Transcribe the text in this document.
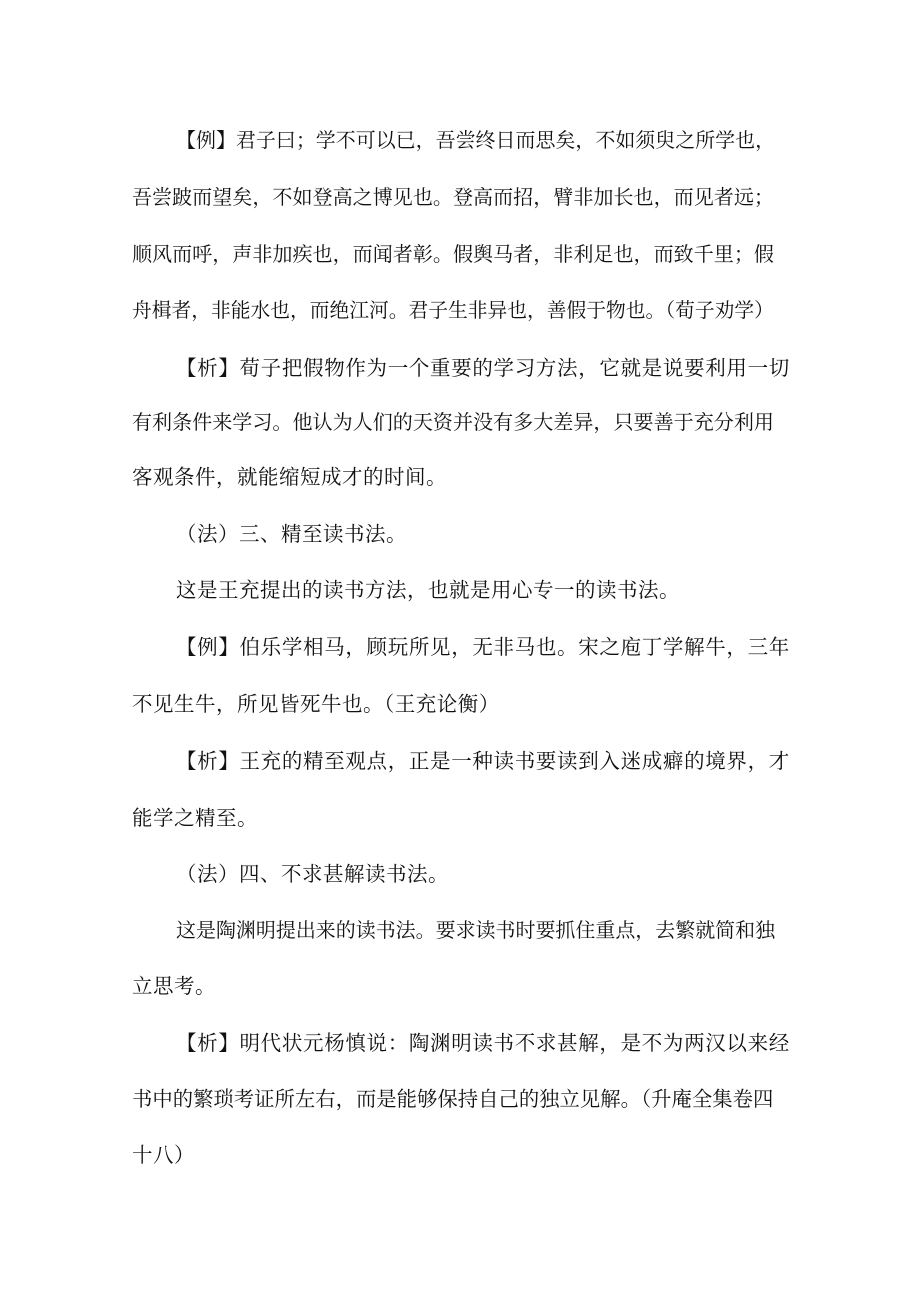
【例】君子曰；学不可以已，吾尝终日而思矣，不如须臾之所学也，
吾尝跛而望矣，不如登高之博见也。登高而招，臂非加长也，而见者远；
顺风而呼，声非加疾也，而闻者彰。假舆马者，非利足也，而致千里；假
舟楫者，非能水也，而绝江河。君子生非异也，善假于物也。（荀子劝学）
【析】荀子把假物作为一个重要的学习方法，它就是说要利用一切
有利条件来学习。他认为人们的天资并没有多大差异，只要善于充分利用
客观条件，就能缩短成才的时间。
（法）三、精至读书法。
这是王充提出的读书方法，也就是用心专一的读书法。
【例】伯乐学相马，顾玩所见，无非马也。宋之庖丁学解牛，三年
不见生牛，所见皆死牛也。（王充论衡）
【析】王充的精至观点，正是一种读书要读到入迷成癖的境界，才
能学之精至。
（法）四、不求甚解读书法。
这是陶渊明提出来的读书法。要求读书时要抓住重点，去繁就简和独
立思考。
【析】明代状元杨慎说：陶渊明读书不求甚解，是不为两汉以来经
书中的繁琐考证所左右，而是能够保持自己的独立见解。（升庵全集卷四
十八）
